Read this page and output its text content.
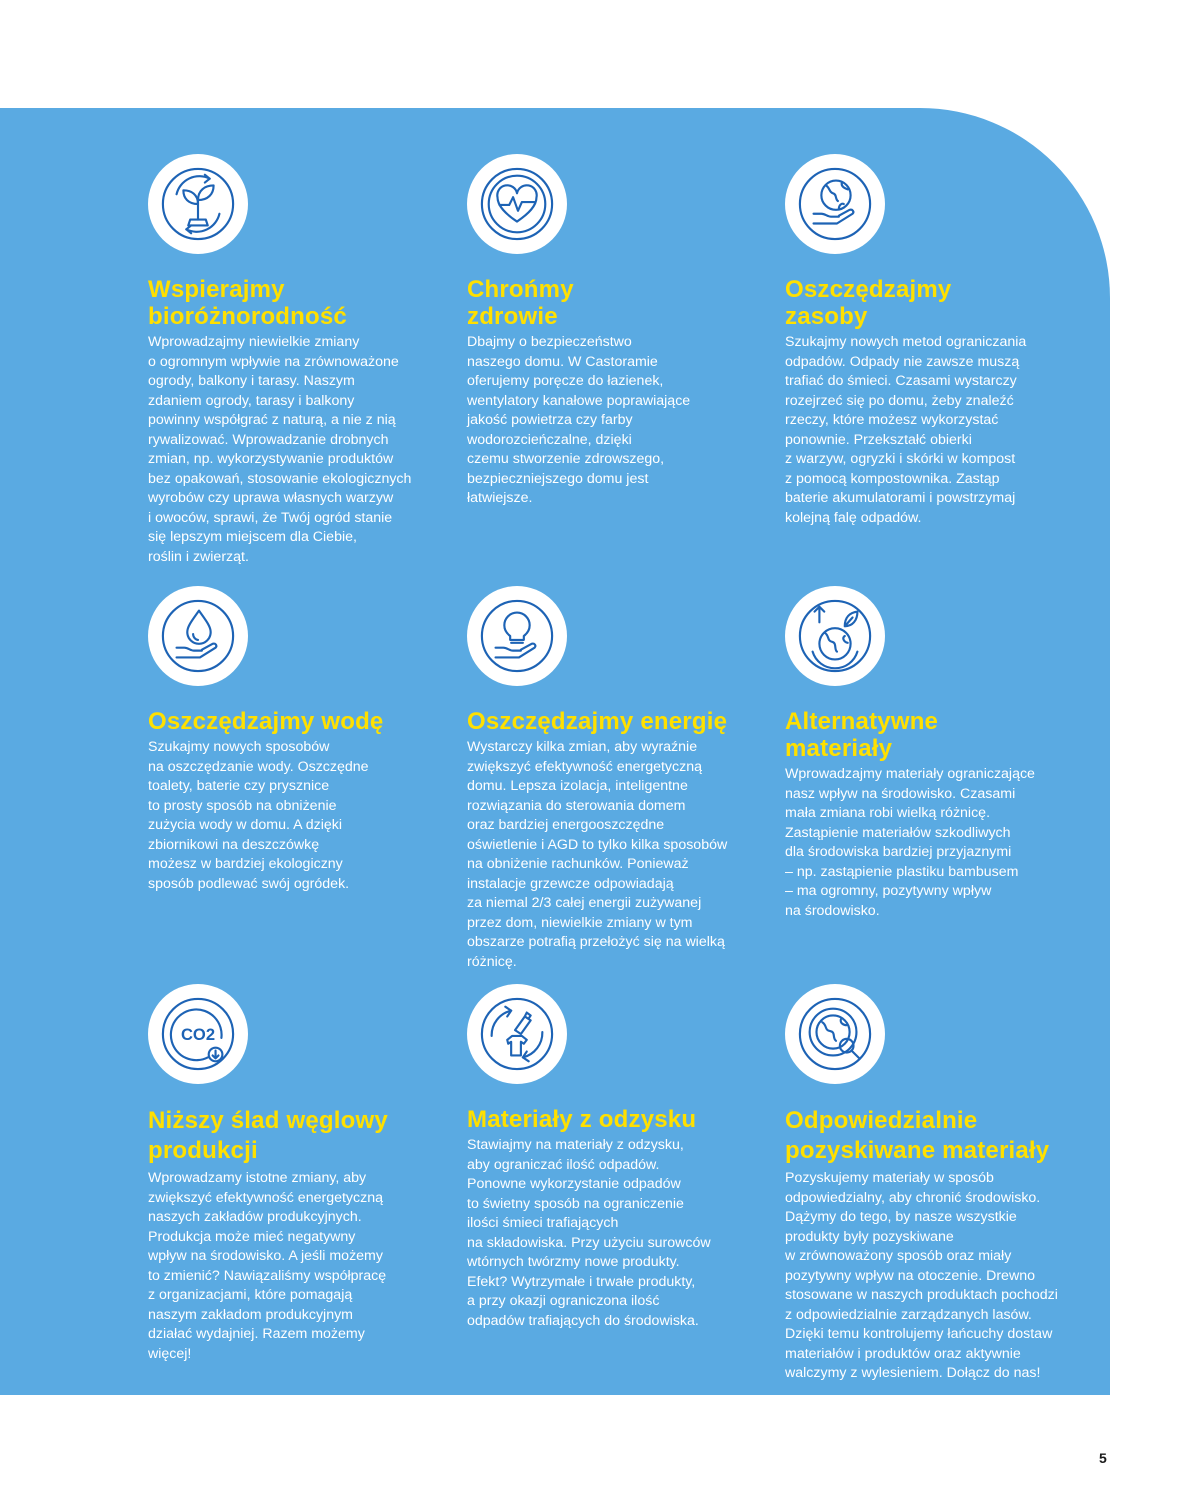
Wspierajmy
bioróżnorodność

Wprowadzajmy niewielkie zmiany
o ogromnym wpływie na zrównoważone
ogrody, balkony i tarasy. Naszym
zdaniem ogrody, tarasy i balkony
powinny współgrać z naturą, a nie z nią
rywalizować. Wprowadzanie drobnych
zmian, np. wykorzystywanie produktów
bez opakowań, stosowanie ekologicznych
wyrobów czy uprawa własnych warzyw
i owoców, sprawi, że Twój ogród stanie
się lepszym miejscem dla Ciebie,
roślin i zwierząt.

Chrońmy
zdrowie

Dbajmy o bezpieczeństwo
naszego domu. W Castoramie
oferujemy poręcze do łazienek,
wentylatory kanałowe poprawiające
jakość powietrza czy farby
wodorozcieńczalne, dzięki
czemu stworzenie zdrowszego,
bezpieczniejszego domu jest
łatwiejsze.

Oszczędzajmy
zasoby

Szukajmy nowych metod ograniczania
odpadów. Odpady nie zawsze muszą
trafiać do śmieci. Czasami wystarczy
rozejrzeć się po domu, żeby znaleźć
rzeczy, które możesz wykorzystać
ponownie. Przekształć obierki
z warzyw, ogryzki i skórki w kompost
z pomocą kompostownika. Zastąp
baterie akumulatorami i powstrzymaj
kolejną falę odpadów.

Oszczędzajmy wodę

Szukajmy nowych sposobów
na oszczędzanie wody. Oszczędne
toalety, baterie czy prysznice
to prosty sposób na obniżenie
zużycia wody w domu. A dzięki
zbiornikowi na deszczówkę
możesz w bardziej ekologiczny
sposób podlewać swój ogródek.

Oszczędzajmy energię

Wystarczy kilka zmian, aby wyraźnie
zwiększyć efektywność energetyczną
domu. Lepsza izolacja, inteligentne
rozwiązania do sterowania domem
oraz bardziej energooszczędne
oświetlenie i AGD to tylko kilka sposobów
na obniżenie rachunków. Ponieważ
instalacje grzewcze odpowiadają
za niemal 2/3 całej energii zużywanej
przez dom, niewielkie zmiany w tym
obszarze potrafią przełożyć się na wielką
różnicę.

Alternatywne
materiały

Wprowadzajmy materiały ograniczające
nasz wpływ na środowisko. Czasami
mała zmiana robi wielką różnicę.
Zastąpienie materiałów szkodliwych
dla środowiska bardziej przyjaznymi
– np. zastąpienie plastiku bambusem
– ma ogromny, pozytywny wpływ
na środowisko.

CO2
Niższy ślad węglowy
produkcji

Wprowadzamy istotne zmiany, aby
zwiększyć efektywność energetyczną
naszych zakładów produkcyjnych.
Produkcja może mieć negatywny
wpływ na środowisko. A jeśli możemy
to zmienić? Nawiązaliśmy współpracę
z organizacjami, które pomagają
naszym zakładom produkcyjnym
działać wydajniej. Razem możemy
więcej!

Materiały z odzysku

Stawiajmy na materiały z odzysku,
aby ograniczać ilość odpadów.
Ponowne wykorzystanie odpadów
to świetny sposób na ograniczenie
ilości śmieci trafiających
na składowiska. Przy użyciu surowców
wtórnych twórzmy nowe produkty.
Efekt? Wytrzymałe i trwałe produkty,
a przy okazji ograniczona ilość
odpadów trafiających do środowiska.

Odpowiedzialnie
pozyskiwane materiały

Pozyskujemy materiały w sposób
odpowiedzialny, aby chronić środowisko.
Dążymy do tego, by nasze wszystkie
produkty były pozyskiwane
w zrównoważony sposób oraz miały
pozytywny wpływ na otoczenie. Drewno
stosowane w naszych produktach pochodzi
z odpowiedzialnie zarządzanych lasów.
Dzięki temu kontrolujemy łańcuchy dostaw
materiałów i produktów oraz aktywnie
walczymy z wylesieniem. Dołącz do nas!

5
